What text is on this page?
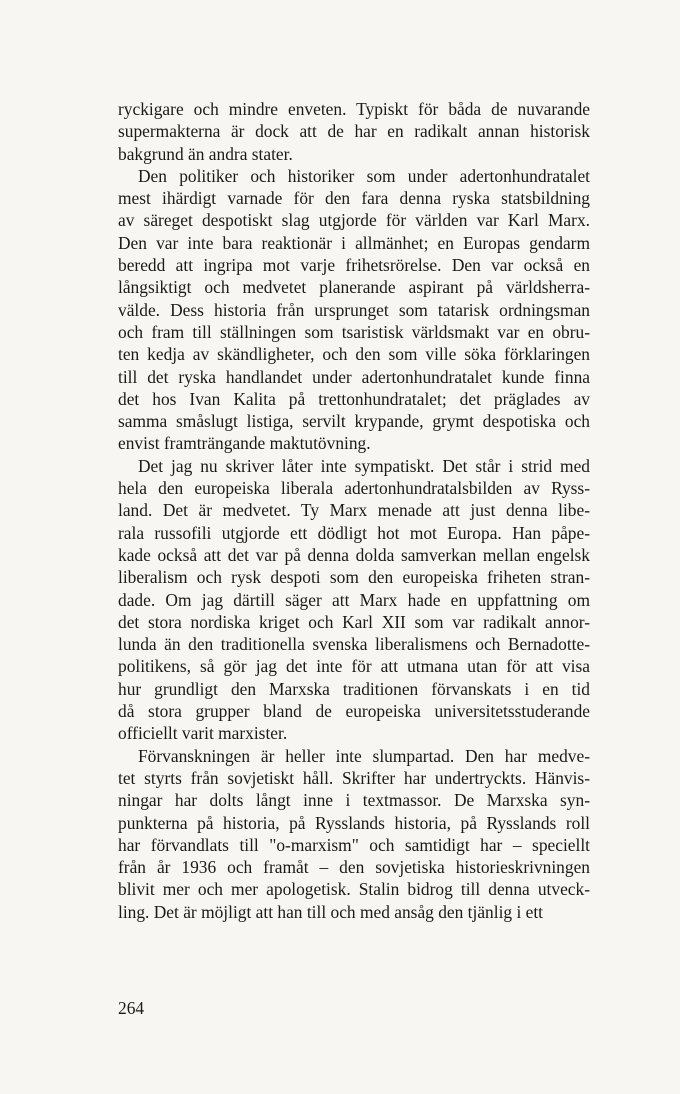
ryckigare och mindre enveten. Typiskt för båda de nuvarande
supermakterna är dock att de har en radikalt annan historisk
bakgrund än andra stater.
Den politiker och historiker som under adertonhundratalet
mest ihärdigt varnade för den fara denna ryska statsbildning
av säreget despotiskt slag utgjorde för världen var Karl Marx.
Den var inte bara reaktionär i allmänhet; en Europas gendarm
beredd att ingripa mot varje frihetsrörelse. Den var också en
långsiktigt och medvetet planerande aspirant på världsherra-
välde. Dess historia från ursprunget som tatarisk ordningsman
och fram till ställningen som tsaristisk världsmakt var en obru-
ten kedja av skändligheter, och den som ville söka förklaringen
till det ryska handlandet under adertonhundratalet kunde finna
det hos Ivan Kalita på trettonhundratalet; det präglades av
samma småslugt listiga, servilt krypande, grymt despotiska och
envist framträngande maktutövning.
Det jag nu skriver låter inte sympatiskt. Det står i strid med
hela den europeiska liberala adertonhundratalsbilden av Ryss-
land. Det är medvetet. Ty Marx menade att just denna libe-
rala russofili utgjorde ett dödligt hot mot Europa. Han påpe-
kade också att det var på denna dolda samverkan mellan engelsk
liberalism och rysk despoti som den europeiska friheten stran-
dade. Om jag därtill säger att Marx hade en uppfattning om
det stora nordiska kriget och Karl XII som var radikalt annor-
lunda än den traditionella svenska liberalismens och Bernadotte-
politikens, så gör jag det inte för att utmana utan för att visa
hur grundligt den Marxska traditionen förvanskats i en tid
då stora grupper bland de europeiska universitetsstuderande
officiellt varit marxister.
Förvanskningen är heller inte slumpartad. Den har medve-
tet styrts från sovjetiskt håll. Skrifter har undertryckts. Hänvis-
ningar har dolts långt inne i textmassor. De Marxska syn-
punkterna på historia, på Rysslands historia, på Rysslands roll
har förvandlats till "o-marxism" och samtidigt har – speciellt
från år 1936 och framåt – den sovjetiska historieskrivningen
blivit mer och mer apologetisk. Stalin bidrog till denna utveck-
ling. Det är möjligt att han till och med ansåg den tjänlig i ett
264
